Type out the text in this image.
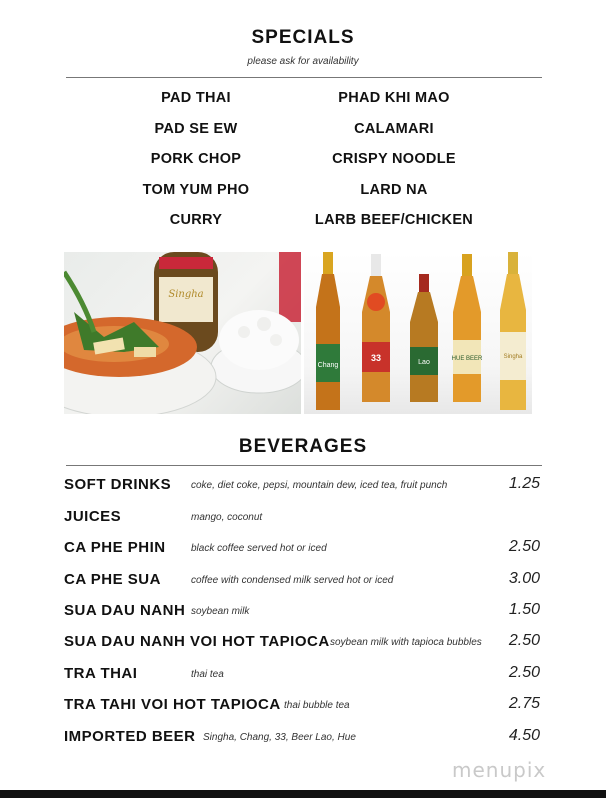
SPECIALS
please ask for availability
PAD THAI
PAD SE EW
PORK CHOP
TOM YUM PHO
CURRY
PHAD KHI MAO
CALAMARI
CRISPY NOODLE
LARD NA
LARB BEEF/CHICKEN
Singha
Chang
33	Lao	HUE BEER	Singha
BEVERAGES
SOFT DRINKS coke, diet coke, pepsi, mountain dew, iced tea, fruit punch	1.25
JUICES	mango, coconut
CA PHE PHIN	black coffee served hot or iced	2.50
CA PHE SUA	coffee with condensed milk served hot or iced	3.00
SUA DAU NANH soybean milk	1.50
SUA DAU NANH VOI HOT TAPIOCA soybean milk with tapioca bubbles 2.50
TRA THAI	thai tea	2.50
TRA TAHI VOI HOT TAPIOCA thai bubble tea	2.75
IMPORTED BEER Singha, Chang, 33, Beer Lao, Hue	4.50
menupix
